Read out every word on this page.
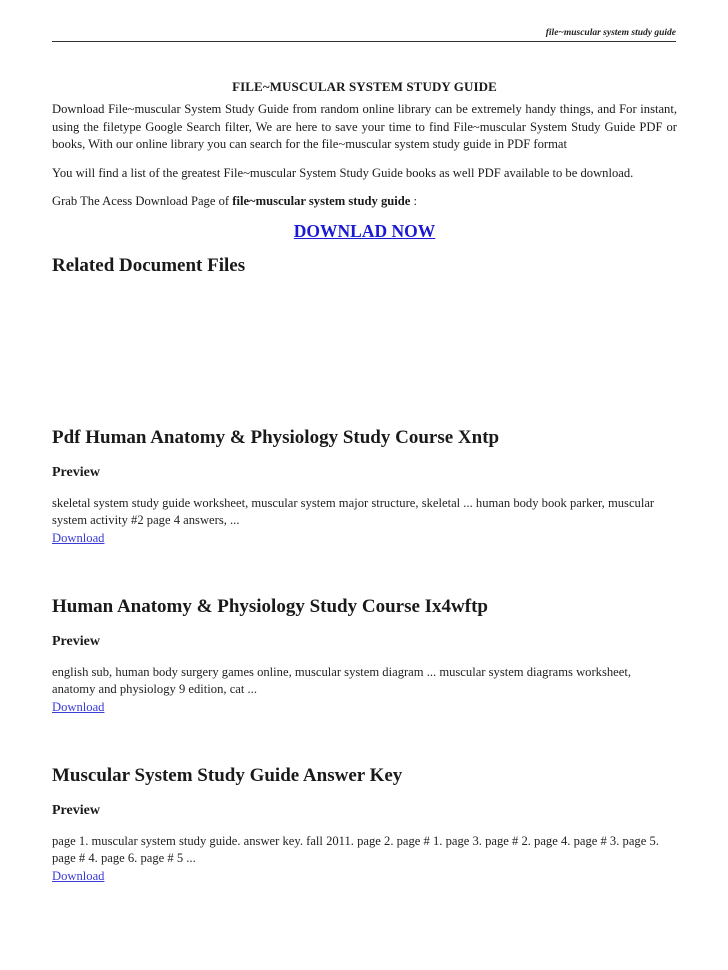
file~muscular system study guide
FILE~MUSCULAR SYSTEM STUDY GUIDE

Download File~muscular System Study Guide from random online library can be extremely handy things, and For instant, using the filetype Google Search filter, We are here to save your time to find File~muscular System Study Guide PDF or books, With our online library you can search for the file~muscular system study guide in PDF format

You will find a list of the greatest File~muscular System Study Guide books as well PDF available to be download.

Grab The Acess Download Page of file~muscular system study guide :
DOWNLAD NOW
Related Document Files
Pdf Human Anatomy & Physiology Study Course Xntp
Preview
skeletal system study guide worksheet, muscular system major structure, skeletal ... human body book parker, muscular system activity #2 page 4 answers, ...
Download
Human Anatomy & Physiology Study Course Ix4wftp
Preview
english sub, human body surgery games online, muscular system diagram ... muscular system diagrams worksheet, anatomy and physiology 9 edition, cat ...
Download
Muscular System Study Guide Answer Key
Preview
page 1. muscular system study guide. answer key. fall 2011. page 2. page # 1. page 3. page # 2. page 4. page # 3. page 5. page # 4. page 6. page # 5 ...
Download
